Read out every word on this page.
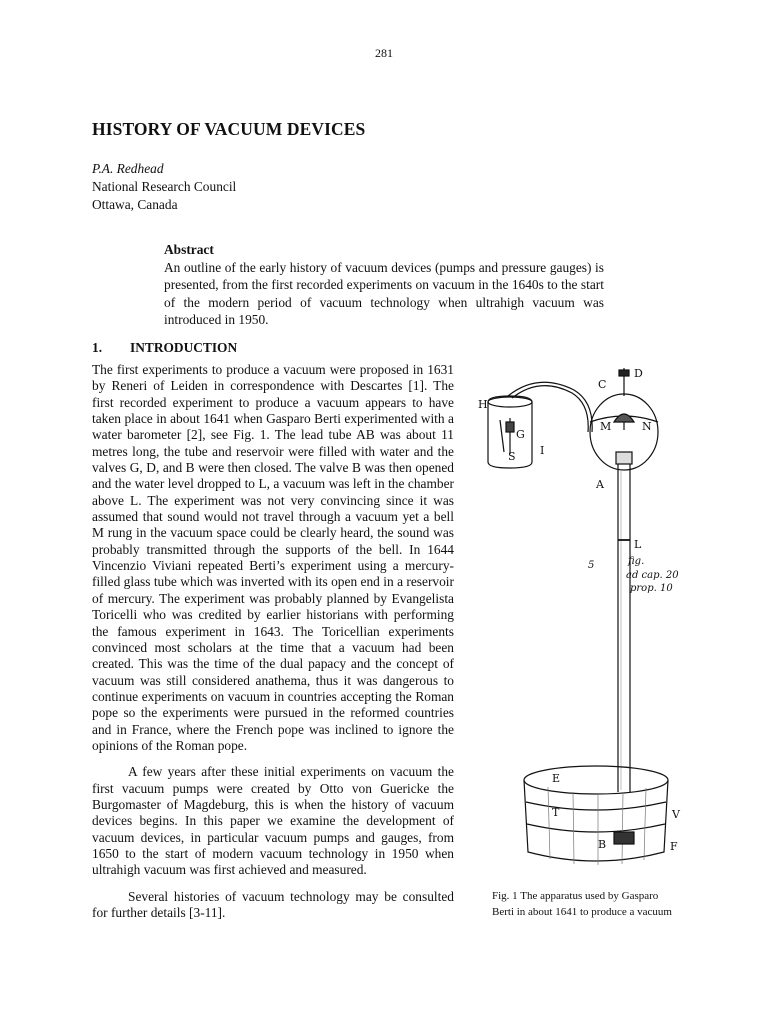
281
HISTORY OF VACUUM DEVICES
P.A. Redhead
National Research Council
Ottawa, Canada
Abstract
An outline of the early history of vacuum devices (pumps and pressure gauges) is presented, from the first recorded experiments on vacuum in the 1640s to the start of the modern period of vacuum technology when ultrahigh vacuum was introduced in 1950.
1. INTRODUCTION

The first experiments to produce a vacuum were proposed in 1631 by Reneri of Leiden in correspondence with Descartes [1]. The first recorded experiment to produce a vacuum appears to have taken place in about 1641 when Gasparo Berti experimented with a water barometer [2], see Fig. 1. The lead tube AB was about 11 metres long, the tube and reservoir were filled with water and the valves G, D, and B were then closed. The valve B was then opened and the water level dropped to L, a vacuum was left in the chamber above L. The experiment was not very convincing since it was assumed that sound would not travel through a vacuum yet a bell M rung in the vacuum space could be clearly heard, the sound was probably transmitted through the supports of the bell. In 1644 Vincenzio Viviani repeated Berti’s experiment using a mercury-filled glass tube which was inverted with its open end in a reservoir of mercury. The experiment was probably planned by Evangelista Toricelli who was credited by earlier historians with performing the famous experiment in 1643. The Toricellian experiments convinced most scholars at the time that a vacuum had been created. This was the time of the dual papacy and the concept of vacuum was still considered anathema, thus it was dangerous to continue experiments on vacuum in countries accepting the Roman pope so the experiments were pursued in the reformed countries and in France, where the French pope was inclined to ignore the opinions of the Roman pope.

A few years after these initial experiments on vacuum the first vacuum pumps were created by Otto von Guericke the Burgomaster of Magdeburg, this is when the history of vacuum devices begins. In this paper we examine the development of vacuum devices, in particular vacuum pumps and gauges, from 1650 to the start of modern vacuum technology in 1950 when ultrahigh vacuum was first achieved and measured.

Several histories of vacuum technology may be consulted for further details [3-11].

D
C
H
G
S I
M	N
A
L
5	fig.
ad cap. 20
prop. 10
E
T	V
B	F
Fig. 1 The apparatus used by Gasparo Berti in about 1641 to produce a vacuum
